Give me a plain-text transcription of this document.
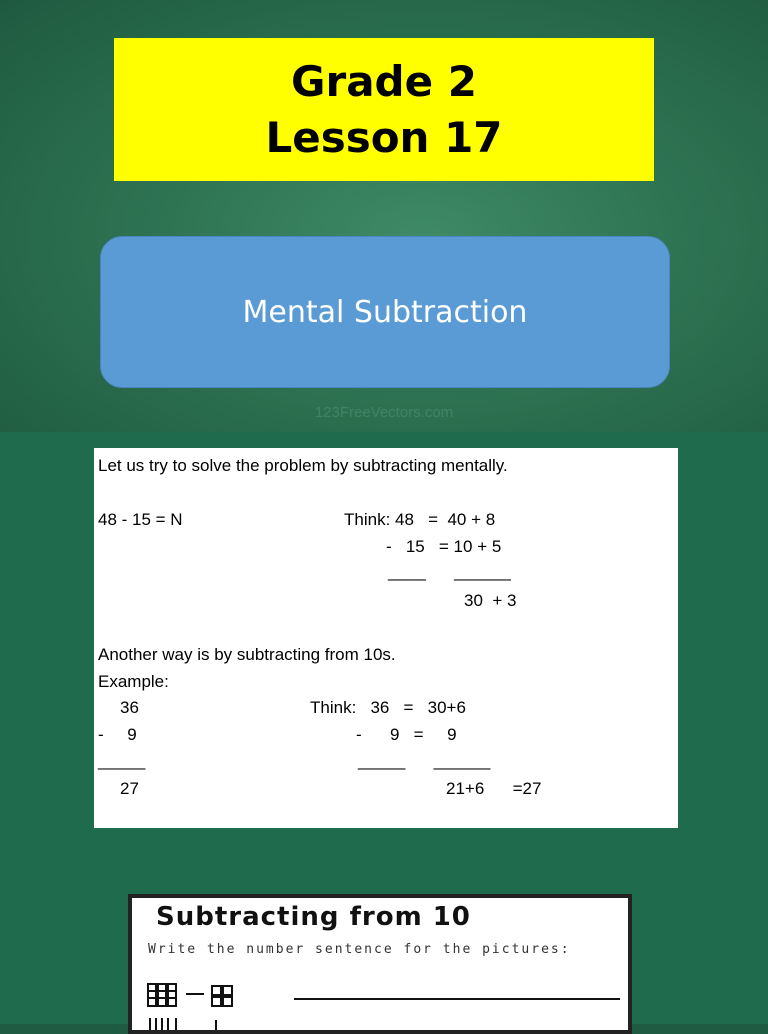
Grade 2
Lesson 17
Mental Subtraction
123FreeVectors.com
Let us try to solve the problem by subtracting mentally.
48 - 15 = N	Think: 48   =  40 + 8
-   15   = 10 + 5
____      ______
30  + 3
Another way is by subtracting from 10s.
Example:
36	Think:   36   =   30+6
-     9	-      9   =     9
_____	_____      ______
27	21+6      =27
Subtracting from 10
Write the number sentence for the pictures:
